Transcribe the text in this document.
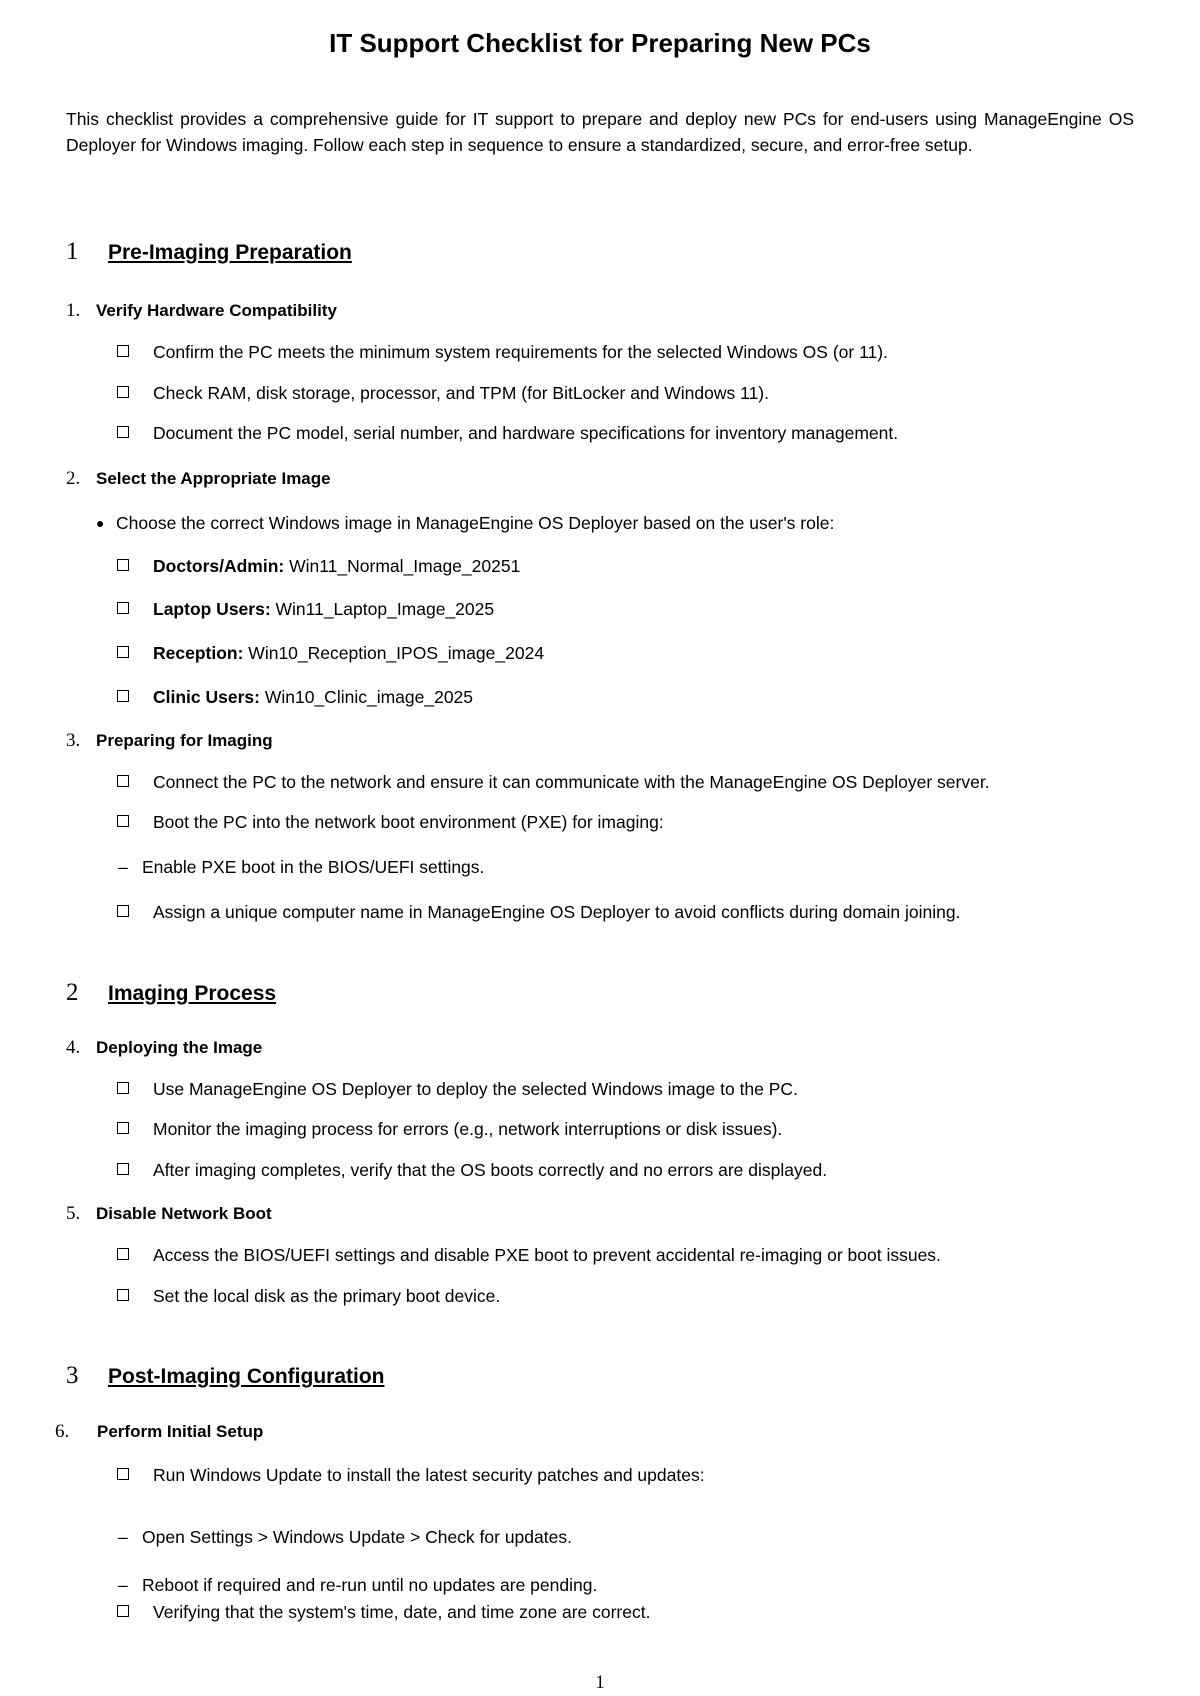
IT Support Checklist for Preparing New PCs
This checklist provides a comprehensive guide for IT support to prepare and deploy new PCs for end-users using ManageEngine OS Deployer for Windows imaging. Follow each step in sequence to ensure a standardized, secure, and error-free setup.
1 Pre-Imaging Preparation
1. Verify Hardware Compatibility
Confirm the PC meets the minimum system requirements for the selected Windows OS (or 11).
Check RAM, disk storage, processor, and TPM (for BitLocker and Windows 11).
Document the PC model, serial number, and hardware specifications for inventory management.
2. Select the Appropriate Image
● Choose the correct Windows image in ManageEngine OS Deployer based on the user's role:
Doctors/Admin: Win11_Normal_Image_20251
Laptop Users: Win11_Laptop_Image_2025
Reception: Win10_Reception_IPOS_image_2024
Clinic Users: Win10_Clinic_image_2025
3. Preparing for Imaging
Connect the PC to the network and ensure it can communicate with the ManageEngine OS Deployer server.
Boot the PC into the network boot environment (PXE) for imaging:
– Enable PXE boot in the BIOS/UEFI settings.
Assign a unique computer name in ManageEngine OS Deployer to avoid conflicts during domain joining.
2 Imaging Process
4. Deploying the Image
Use ManageEngine OS Deployer to deploy the selected Windows image to the PC.
Monitor the imaging process for errors (e.g., network interruptions or disk issues).
After imaging completes, verify that the OS boots correctly and no errors are displayed.
5. Disable Network Boot
Access the BIOS/UEFI settings and disable PXE boot to prevent accidental re-imaging or boot issues.
Set the local disk as the primary boot device.
3 Post-Imaging Configuration
6. Perform Initial Setup
Run Windows Update to install the latest security patches and updates:
– Open Settings > Windows Update > Check for updates.
– Reboot if required and re-run until no updates are pending.
Verifying that the system's time, date, and time zone are correct.
1
